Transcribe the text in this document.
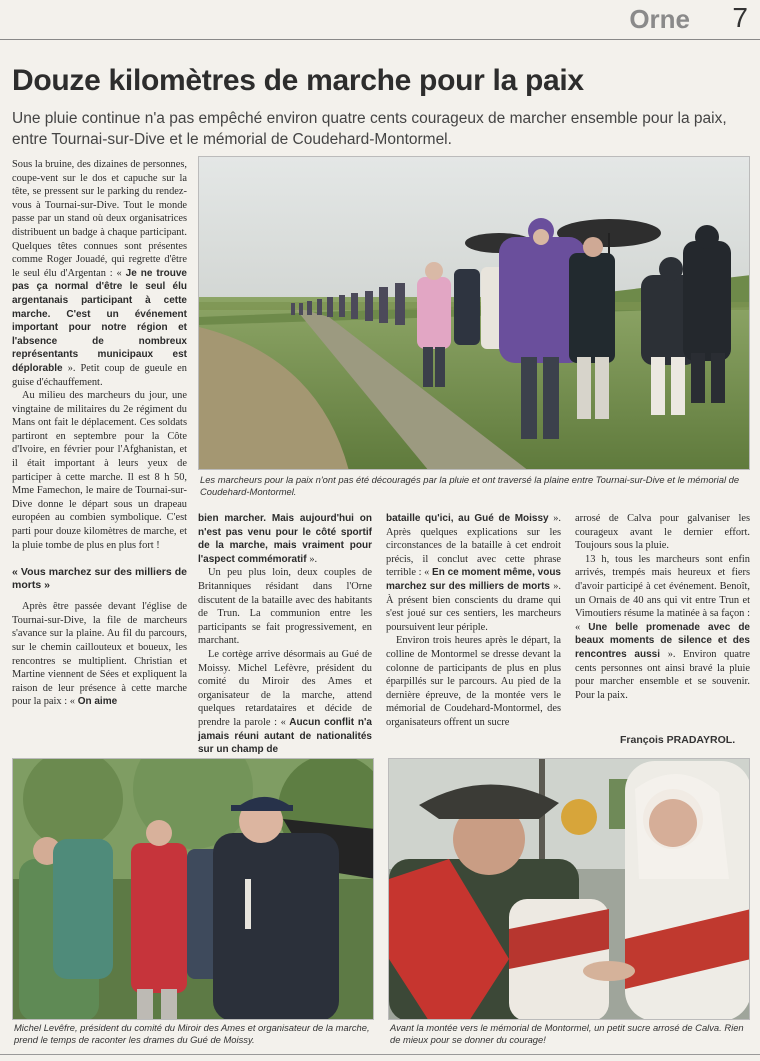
Orne 7
Douze kilomètres de marche pour la paix
Une pluie continue n'a pas empêché environ quatre cents courageux de marcher ensemble pour la paix, entre Tournai-sur-Dive et le mémorial de Coudehard-Montormel.

Sous la bruine, des dizaines de personnes, coupe-vent sur le dos et capuche sur la tête, se pressent sur le parking du rendez-vous à Tournai-sur-Dive. Tout le monde passe par un stand où deux organisatrices distribuent un badge à chaque participant. Quelques têtes connues sont présentes comme Roger Jouadé, qui regrette d'être le seul élu d'Argentan : « Je ne trouve pas ça normal d'être le seul élu argentanais participant à cette marche. C'est un événement important pour notre région et l'absence de nombreux représentants municipaux est déplorable ». Petit coup de gueule en guise d'échauffement.

Au milieu des marcheurs du jour, une vingtaine de militaires du 2e régiment du Mans ont fait le déplacement. Ces soldats partiront en septembre pour la Côte d'Ivoire, en février pour l'Afghanistan, et il était important à leurs yeux de participer à cette marche. Il est 8 h 50, Mme Famechon, le maire de Tournai-sur-Dive donne le départ sous un drapeau européen au combien symbolique. C'est parti pour douze kilomètres de marche, et la pluie tombe de plus en plus fort !

« Vous marchez sur des milliers de morts »

Après être passée devant l'église de Tournai-sur-Dive, la file de marcheurs s'avance sur la plaine. Au fil du parcours, sur le chemin caillouteux et boueux, les rencontres se multiplient. Christian et Martine viennent de Sées et expliquent la raison de leur présence à cette marche pour la paix : « On aime

Les marcheurs pour la paix n'ont pas été découragés par la pluie et ont traversé la plaine entre Tournai-sur-Dive et le mémorial de Coudehard-Montormel.

bien marcher. Mais aujourd'hui on n'est pas venu pour le côté sportif de la marche, mais vraiment pour l'aspect commémoratif ».

Un peu plus loin, deux couples de Britanniques résidant dans l'Orne discutent de la bataille avec des habitants de Trun. La communion entre les participants se fait progressivement, en marchant.

Le cortège arrive désormais au Gué de Moissy. Michel Lefèvre, président du comité du Miroir des Ames et organisateur de la marche, attend quelques retardataires et décide de prendre la parole : « Aucun conflit n'a jamais réuni autant de nationalités sur un champ de

bataille qu'ici, au Gué de Moissy ». Après quelques explications sur les circonstances de la bataille à cet endroit précis, il conclut avec cette phrase terrible : « En ce moment même, vous marchez sur des milliers de morts ». À présent bien conscients du drame qui s'est joué sur ces sentiers, les marcheurs poursuivent leur périple.

Environ trois heures après le départ, la colline de Montormel se dresse devant la colonne de participants de plus en plus éparpillés sur le parcours. Au pied de la dernière épreuve, de la montée vers le mémorial de Coudehard-Montormel, des organisateurs offrent un sucre

arrosé de Calva pour galvaniser les courageux avant le dernier effort. Toujours sous la pluie.

13 h, tous les marcheurs sont enfin arrivés, trempés mais heureux et fiers d'avoir participé à cet événement. Benoît, un Ornais de 40 ans qui vit entre Trun et Vimoutiers résume la matinée à sa façon : « Une belle promenade avec de beaux moments de silence et des rencontres aussi ». Environ quatre cents personnes ont ainsi bravé la pluie pour marcher ensemble et se souvenir. Pour la paix.

François PRADAYROL.
Michel Levêfre, président du comité du Miroir des Ames et organisateur de la marche, prend le temps de raconter les drames du Gué de Moissy.
Avant la montée vers le mémorial de Montormel, un petit sucre arrosé de Calva. Rien de mieux pour se donner du courage!
